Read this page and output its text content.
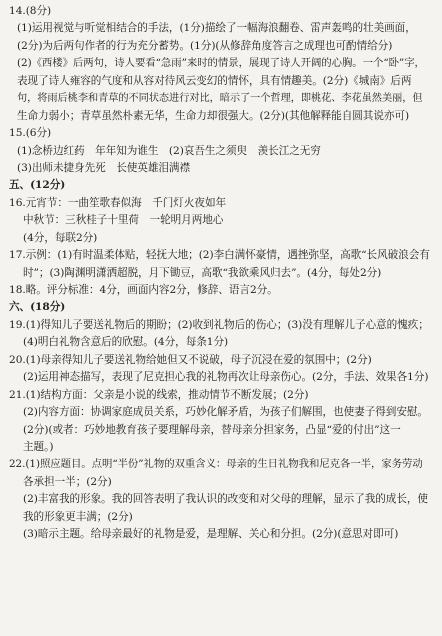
14.(8分)
(1)运用视觉与听觉相结合的手法，(1分)描绘了一幅海浪翻卷、雷声轰鸣的壮美画面，
(2分)为后两句作者的行为充分蓄势。(1分)(从修辞角度答言之成理也可酌情给分)
(2)《西楼》后两句，诗人要看“急雨”来时的情景，展现了诗人开阔的心胸。一个“卧”字，
表现了诗人雍容的气度和从容对待风云变幻的情怀，具有情趣美。(2分)《城南》后两
句，将雨后桃李和青草的不同状态进行对比，暗示了一个哲理，即桃花、李花虽然美丽，但
生命力弱小；青草虽然朴素无华，生命力却很强大。(2分)(其他解释能自圆其说亦可)
15.(6分)
(1)念桥边红药　年年知为谁生　(2)哀吾生之须臾　羡长江之无穷
(3)出师未捷身先死　长使英雄泪满襟
五、(12分)
16.元宵节：一曲笙歌春似海　千门灯火夜如年
中秋节：三秋桂子十里荷　一轮明月两地心
(4分，每联2分)
17.示例：(1)有时温柔体贴，轻抚大地；(2)李白满怀豪情，遇挫弥坚，高歌“长风破浪会有
时”；(3)陶渊明潇洒超脱，月下锄豆，高歌“我欲乘风归去”。(4分，每处2分)
18.略。评分标准：4分，画面内容2分，修辞、语言2分。
六、(18分)
19.(1)得知儿子要送礼物后的期盼；(2)收到礼物后的伤心；(3)没有理解儿子心意的愧疚；
(4)明白礼物含意后的欣慰。(4分，每条1分)
20.(1)母亲得知儿子要送礼物给她但又不说破，母子沉浸在爱的氛围中；(2分)
(2)运用神态描写，表现了尼克担心我的礼物再次让母亲伤心。(2分，手法、效果各1分)
21.(1)结构方面：父亲是小说的线索，推动情节不断发展；(2分)
(2)内容方面：协调家庭成员关系，巧妙化解矛盾，为孩子们解围，也使妻子得到安慰。
(2分)(或者：巧妙地教育孩子要理解母亲，替母亲分担家务，凸显“爱的付出”这一
主题。)
22.(1)照应题目。点明“半份”礼物的双重含义：母亲的生日礼物我和尼克各一半，家务劳动
各承担一半；(2分)
(2)丰富我的形象。我的回答表明了我认识的改变和对父母的理解，显示了我的成长，使
我的形象更丰满；(2分)
(3)暗示主题。给母亲最好的礼物是爱，是理解、关心和分担。(2分)(意思对即可)
